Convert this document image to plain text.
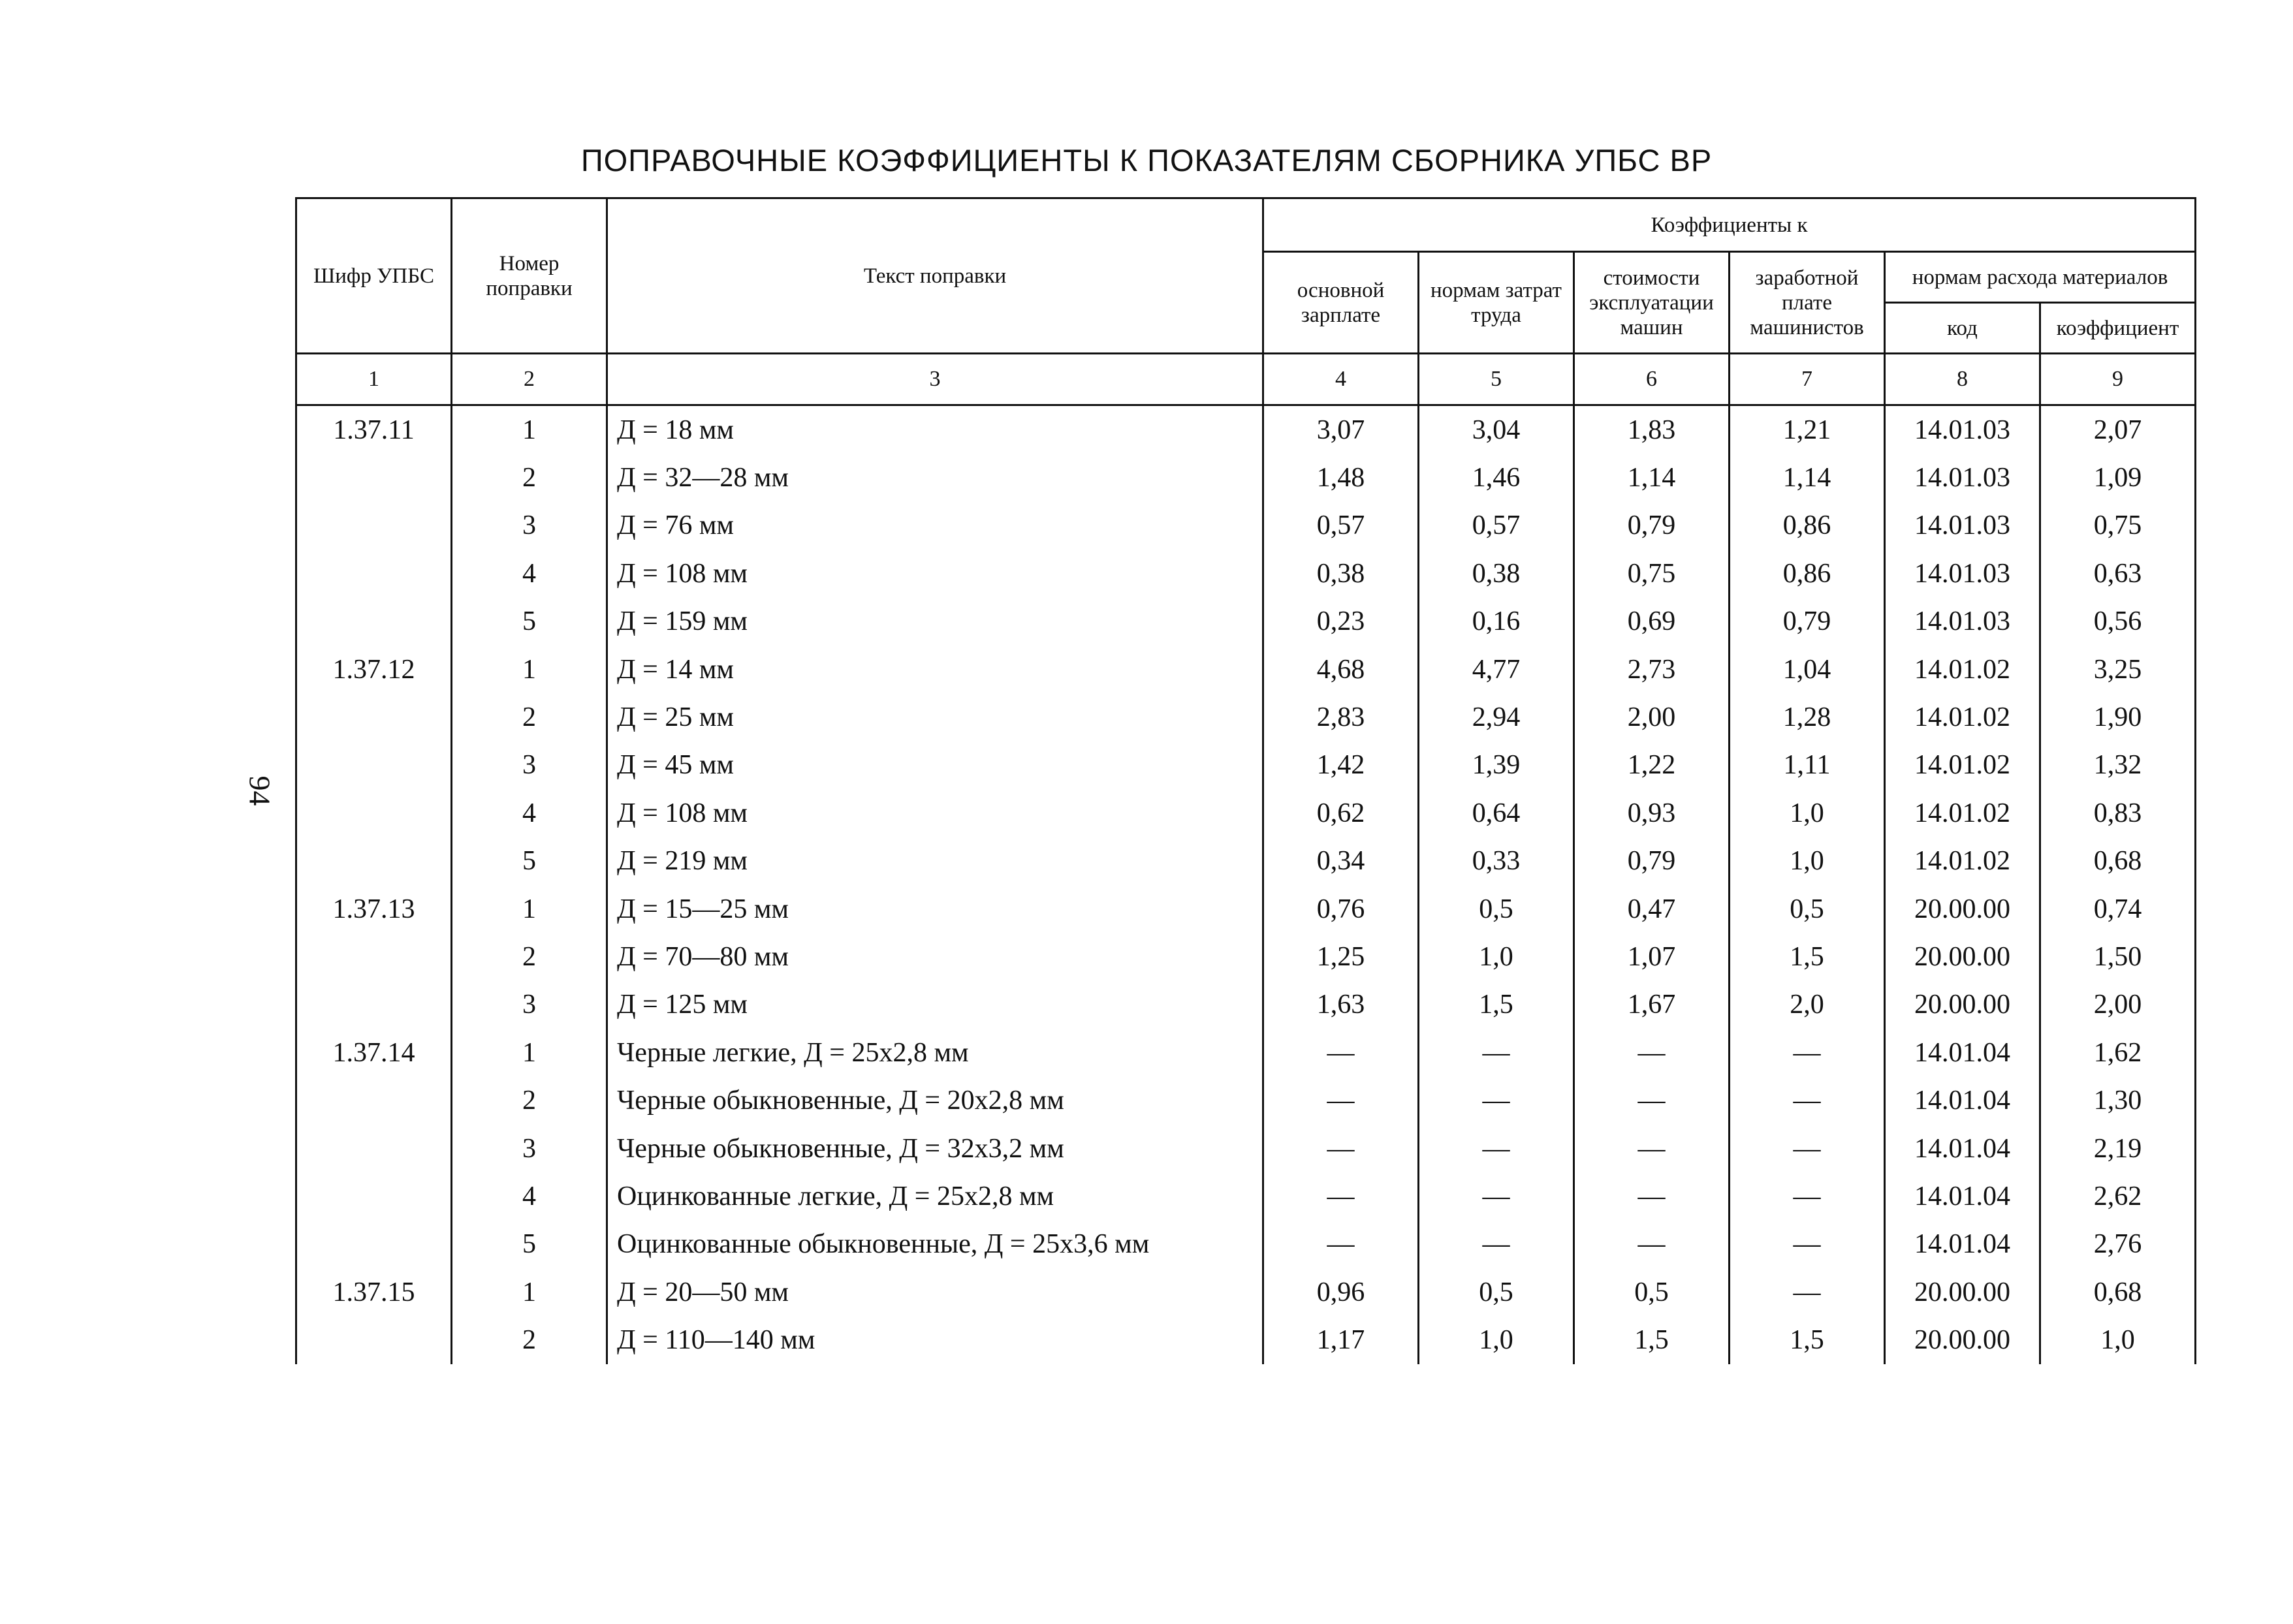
ПОПРАВОЧНЫЕ КОЭФФИЦИЕНТЫ К ПОКАЗАТЕЛЯМ СБОРНИКА УПБС ВР
94
Шифр УПБС	Номер поправки	Текст поправки	Коэффициенты к					
			основной зарплате	нормам затрат труда	стоимости эксплуатации машин	заработной плате машинистов	нормам расхода материалов	
							код	коэффициент
1	2	3	4	5	6	7	8	9
1.37.11	1	Д = 18 мм	3,07	3,04	1,83	1,21	14.01.03	2,07
	2	Д = 32—28 мм	1,48	1,46	1,14	1,14	14.01.03	1,09
	3	Д = 76 мм	0,57	0,57	0,79	0,86	14.01.03	0,75
	4	Д = 108 мм	0,38	0,38	0,75	0,86	14.01.03	0,63
	5	Д = 159 мм	0,23	0,16	0,69	0,79	14.01.03	0,56
1.37.12	1	Д = 14 мм	4,68	4,77	2,73	1,04	14.01.02	3,25
	2	Д = 25 мм	2,83	2,94	2,00	1,28	14.01.02	1,90
	3	Д = 45 мм	1,42	1,39	1,22	1,11	14.01.02	1,32
	4	Д = 108 мм	0,62	0,64	0,93	1,0	14.01.02	0,83
	5	Д = 219 мм	0,34	0,33	0,79	1,0	14.01.02	0,68
1.37.13	1	Д = 15—25 мм	0,76	0,5	0,47	0,5	20.00.00	0,74
	2	Д = 70—80 мм	1,25	1,0	1,07	1,5	20.00.00	1,50
	3	Д = 125 мм	1,63	1,5	1,67	2,0	20.00.00	2,00
1.37.14	1	Черные легкие, Д = 25х2,8 мм	—	—	—	—	14.01.04	1,62
	2	Черные обыкновенные, Д = 20х2,8 мм	—	—	—	—	14.01.04	1,30
	3	Черные обыкновенные, Д = 32х3,2 мм	—	—	—	—	14.01.04	2,19
	4	Оцинкованные легкие, Д = 25х2,8 мм	—	—	—	—	14.01.04	2,62
	5	Оцинкованные обыкновенные, Д = 25х3,6 мм	—	—	—	—	14.01.04	2,76
1.37.15	1	Д = 20—50 мм	0,96	0,5	0,5	—	20.00.00	0,68
	2	Д = 110—140 мм	1,17	1,0	1,5	1,5	20.00.00	1,0
